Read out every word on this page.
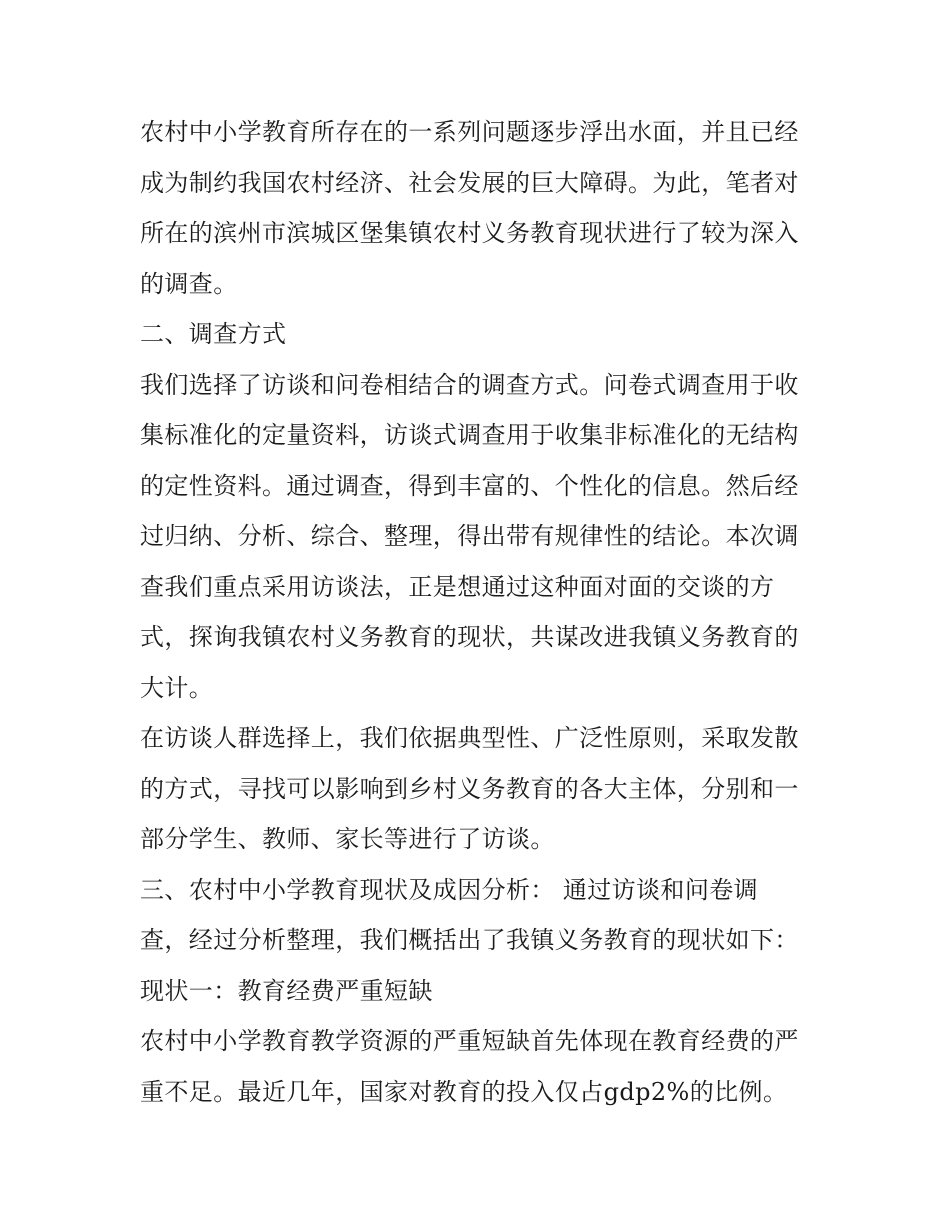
农村中小学教育所存在的一系列问题逐步浮出水面，并且已经
成为制约我国农村经济、社会发展的巨大障碍。为此，笔者对
所在的滨州市滨城区堡集镇农村义务教育现状进行了较为深入
的调查。
二、调查方式
我们选择了访谈和问卷相结合的调查方式。问卷式调查用于收
集标准化的定量资料，访谈式调查用于收集非标准化的无结构
的定性资料。通过调查，得到丰富的、个性化的信息。然后经
过归纳、分析、综合、整理，得出带有规律性的结论。本次调
查我们重点采用访谈法，正是想通过这种面对面的交谈的方
式，探询我镇农村义务教育的现状，共谋改进我镇义务教育的
大计。
在访谈人群选择上，我们依据典型性、广泛性原则，采取发散
的方式，寻找可以影响到乡村义务教育的各大主体，分别和一
部分学生、教师、家长等进行了访谈。
三、农村中小学教育现状及成因分析： 通过访谈和问卷调
查，经过分析整理，我们概括出了我镇义务教育的现状如下：
现状一：教育经费严重短缺
农村中小学教育教学资源的严重短缺首先体现在教育经费的严
重不足。最近几年，国家对教育的投入仅占gdp2%的比例。
